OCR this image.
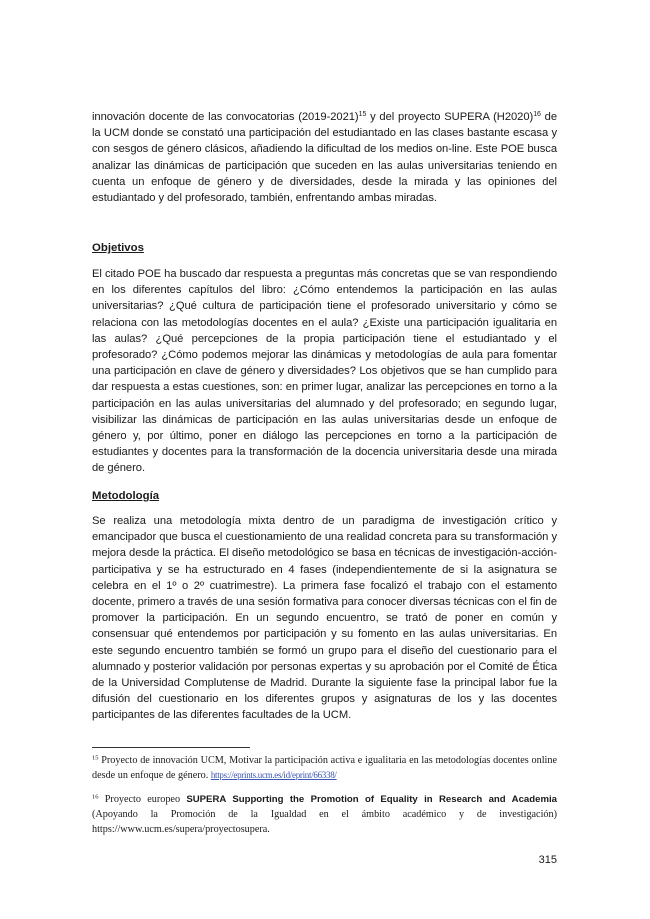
innovación docente de las convocatorias (2019-2021)$^{15}$ y del proyecto SUPERA $(H2020)^{16}$ de la UCM donde se constató una participación del estudiantado en las clases bastante escasa y con sesgos de género clásicos, añadiendo la dificultad de los medios on-line. Este POE busca analizar las dinámicas de participación que suceden en las aulas universitarias teniendo en cuenta un enfoque de género y de diversidades, desde la mirada y las opiniones del estudiantado y del profesorado, también, enfrentando ambas miradas.

Objetivos

El citado POE ha buscado dar respuesta a preguntas más concretas que se van respondiendo en los diferentes capítulos del libro: ¿Cómo entendemos la participación en las aulas universitarias? ¿Qué cultura de participación tiene el profesorado universitario y cómo se relaciona con las metodologías docentes en el aula? ¿Existe una participación igualitaria en las aulas? ¿Qué percepciones de la propia participación tiene el estudiantado y el profesorado? ¿Cómo podemos mejorar las dinámicas y metodologías de aula para fomentar una participación en clave de género y diversidades? Los objetivos que se han cumplido para dar respuesta a estas cuestiones, son: en primer lugar, analizar las percepciones en torno a la participación en las aulas universitarias del alumnado y del profesorado; en segundo lugar, visibilizar las dinámicas de participación en las aulas universitarias desde un enfoque de género y, por último, poner en diálogo las percepciones en torno a la participación de estudiantes y docentes para la transformación de la docencia universitaria desde una mirada de género.

Metodología

Se realiza una metodología mixta dentro de un paradigma de investigación crítico y emancipador que busca el cuestionamiento de una realidad concreta para su transformación y mejora desde la práctica. El diseño metodológico se basa en técnicas de investigación-acción-participativa y se ha estructurado en 4 fases (independientemente de si la asignatura se celebra en el 1º o 2º cuatrimestre). La primera fase focalizó el trabajo con el estamento docente, primero a través de una sesión formativa para conocer diversas técnicas con el fin de promover la participación. En un segundo encuentro, se trató de poner en común y consensuar qué entendemos por participación y su fomento en las aulas universitarias. En este segundo encuentro también se formó un grupo para el diseño del cuestionario para el alumnado y posterior validación por personas expertas y su aprobación por el Comité de Ética de la Universidad Complutense de Madrid. Durante la siguiente fase la principal labor fue la difusión del cuestionario en los diferentes grupos y asignaturas de los y las docentes participantes de las diferentes facultades de la UCM.

$^{15}$ Proyecto de innovación UCM, Motivar la participación activa e igualitaria en las metodologías docentes online desde un enfoque de género. https://eprints.ucm.es/id/eprint/66338/

$^{16}$ Proyecto europeo SUPERA Supporting the Promotion of Equality in Research and Academia (Apoyando la Promoción de la Igualdad en el ámbito académico y de investigación) https://www.ucm.es/supera/proyectosupera.

315
